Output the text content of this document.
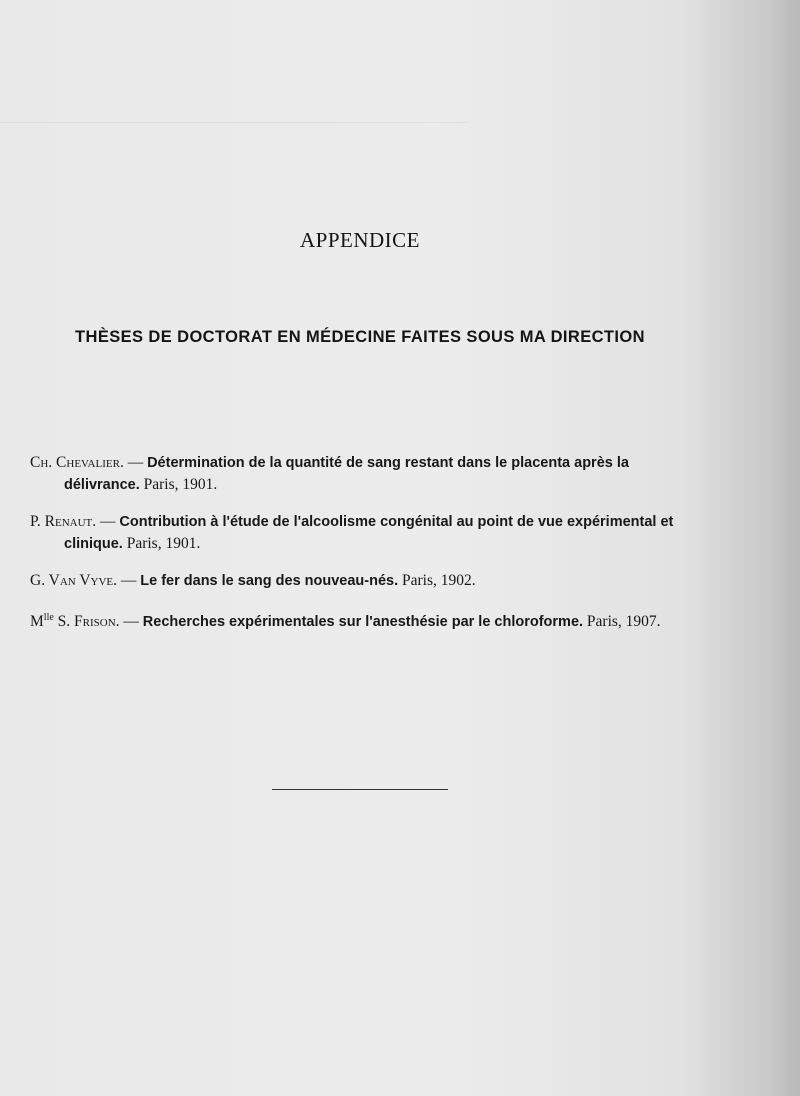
────────────────────────────────────────────
APPENDICE
THÈSES DE DOCTORAT EN MÉDECINE FAITES SOUS MA DIRECTION
Ch. Chevalier. — Détermination de la quantité de sang restant dans le placenta après la délivrance. Paris, 1901.
P. Renaut. — Contribution à l'étude de l'alcoolisme congénital au point de vue expérimental et clinique. Paris, 1901.
G. Van Vyve. — Le fer dans le sang des nouveau-nés. Paris, 1902.
$M^{lle}$ S. Frison. — Recherches expérimentales sur l'anesthésie par le chloroforme. Paris, 1907.
